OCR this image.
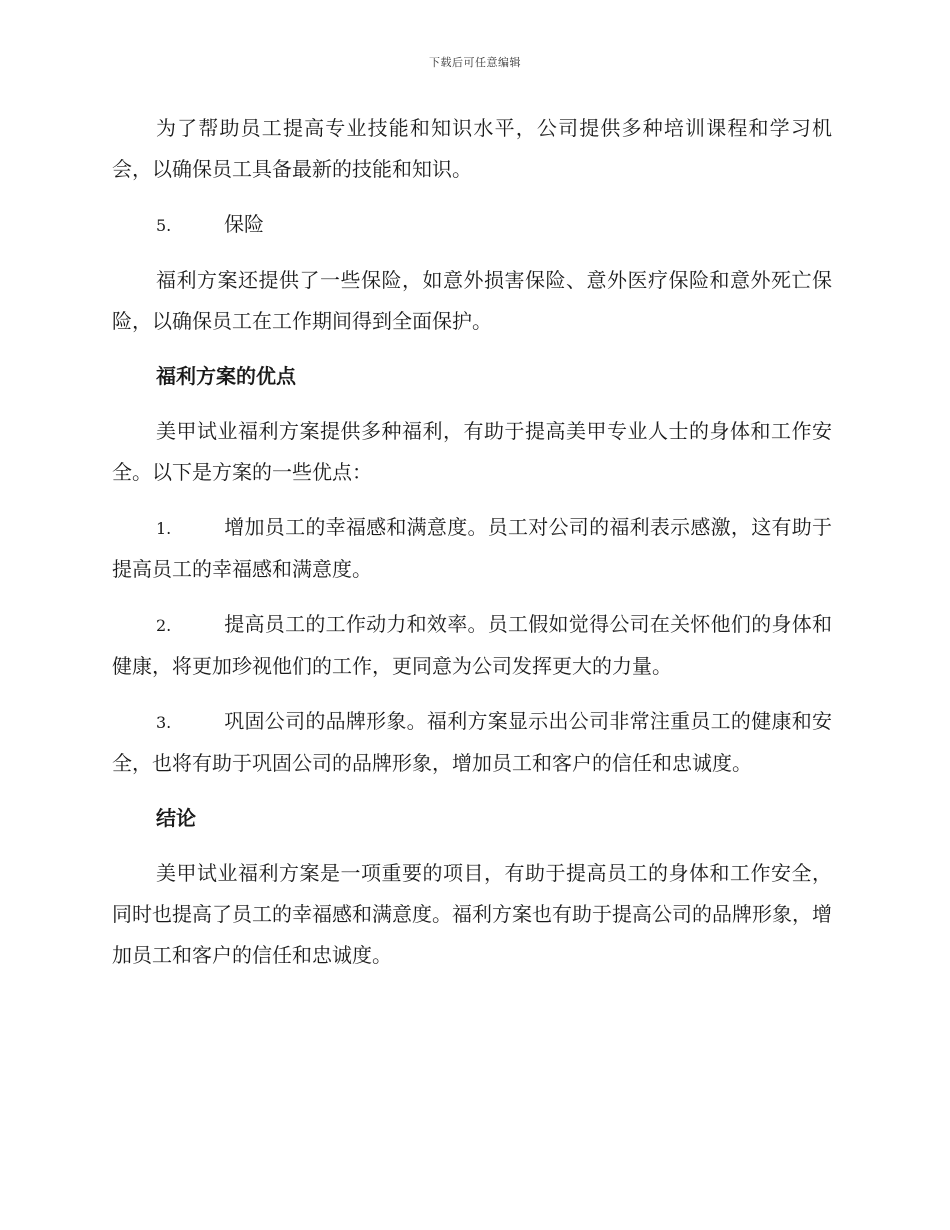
下载后可任意编辑

为了帮助员工提高专业技能和知识水平，公司提供多种培训课程和学习机会，以确保员工具备最新的技能和知识。

5.	保险

福利方案还提供了一些保险，如意外损害保险、意外医疗保险和意外死亡保险，以确保员工在工作期间得到全面保护。

福利方案的优点

美甲试业福利方案提供多种福利，有助于提高美甲专业人士的身体和工作安全。以下是方案的一些优点：

1.	增加员工的幸福感和满意度。员工对公司的福利表示感激，这有助于提高员工的幸福感和满意度。

2.	提高员工的工作动力和效率。员工假如觉得公司在关怀他们的身体和健康，将更加珍视他们的工作，更同意为公司发挥更大的力量。

3.	巩固公司的品牌形象。福利方案显示出公司非常注重员工的健康和安全，也将有助于巩固公司的品牌形象，增加员工和客户的信任和忠诚度。

结论

美甲试业福利方案是一项重要的项目，有助于提高员工的身体和工作安全，同时也提高了员工的幸福感和满意度。福利方案也有助于提高公司的品牌形象，增加员工和客户的信任和忠诚度。
